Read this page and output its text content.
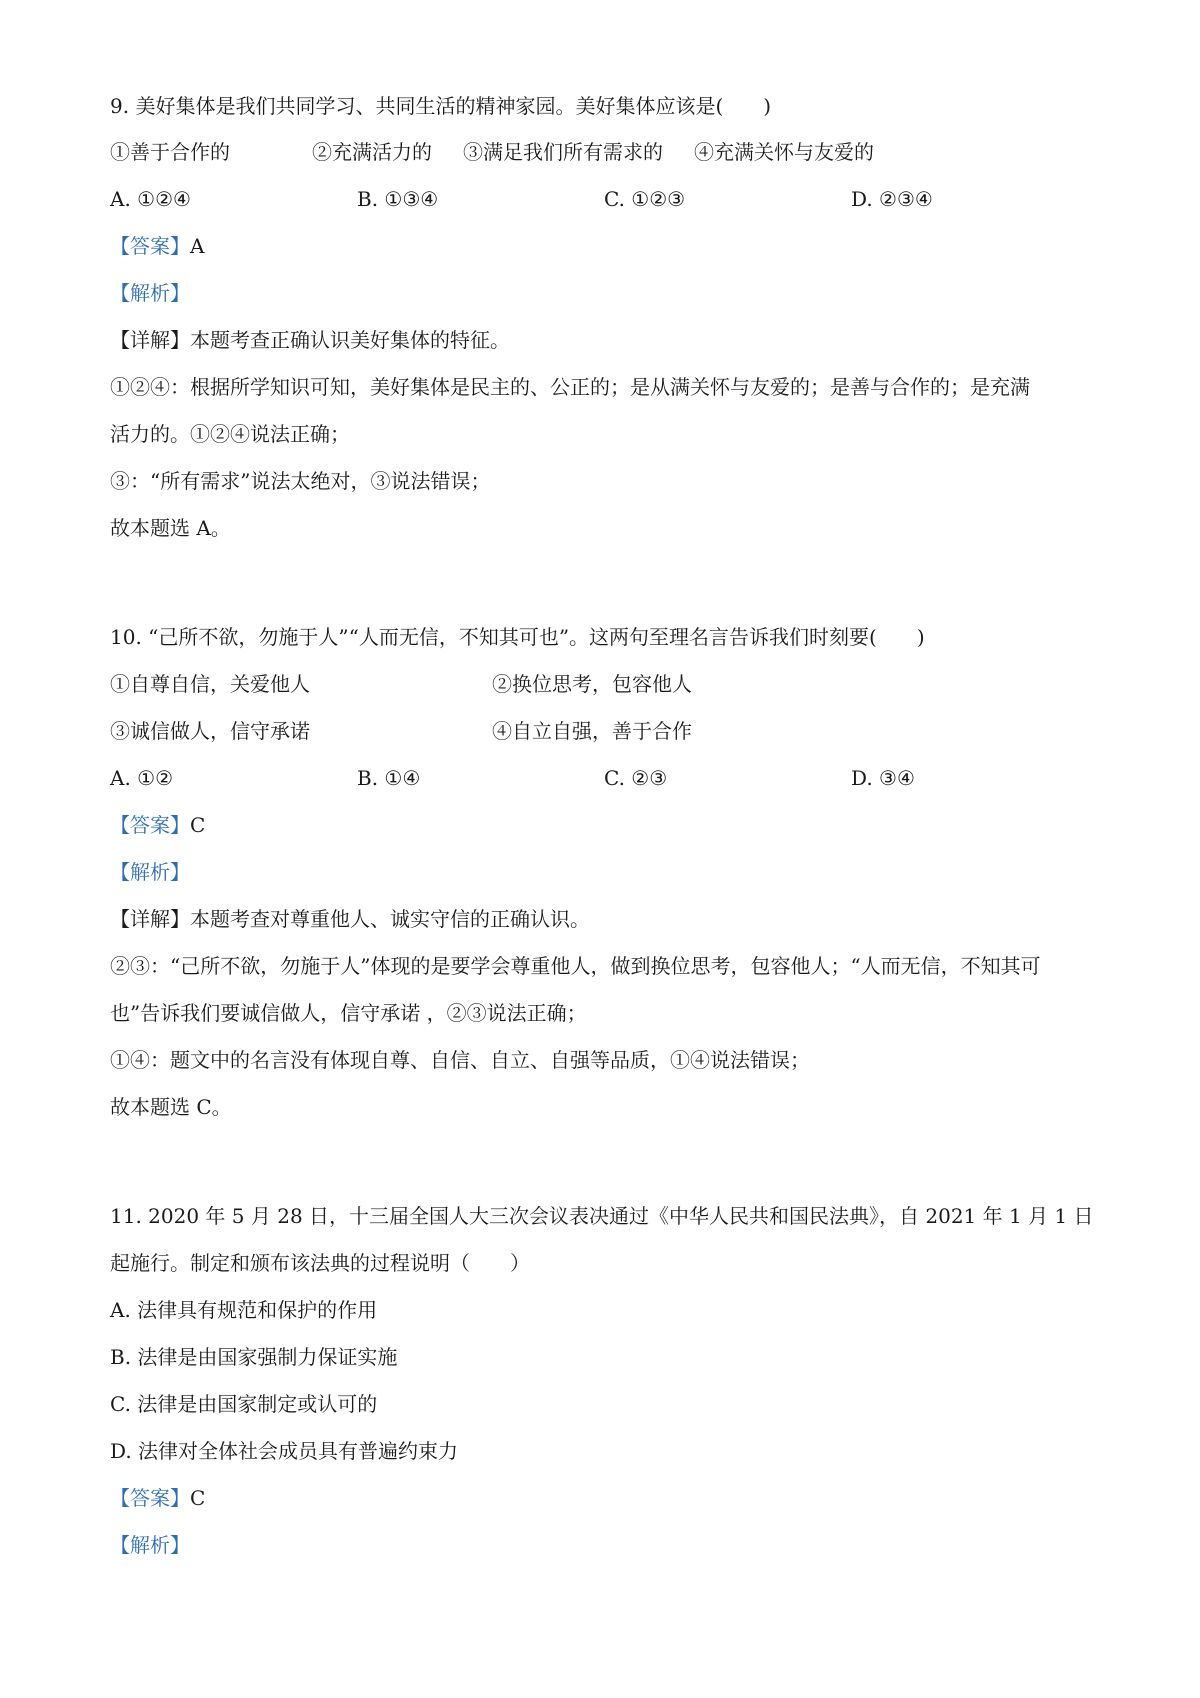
9. 美好集体是我们共同学习、共同生活的精神家园。美好集体应该是(　　)
①善于合作的	②充满活力的 ③满足我们所有需求的 ④充满关怀与友爱的
A. ①②④	B. ①③④	C. ①②③	D. ②③④
【答案】A
【解析】
【详解】本题考查正确认识美好集体的特征。
①②④：根据所学知识可知，美好集体是民主的、公正的；是从满关怀与友爱的；是善与合作的；是充满
活力的。①②④说法正确；
③：“所有需求”说法太绝对，③说法错误；
故本题选 A。
10. “己所不欲，勿施于人”“人而无信，不知其可也”。这两句至理名言告诉我们时刻要(　　)
①自尊自信，关爱他人	②换位思考，包容他人
③诚信做人，信守承诺	④自立自强，善于合作
A. ①②	B. ①④	C. ②③	D. ③④
【答案】C
【解析】
【详解】本题考查对尊重他人、诚实守信的正确认识。
②③：“己所不欲，勿施于人”体现的是要学会尊重他人，做到换位思考，包容他人；“人而无信，不知其可
也”告诉我们要诚信做人，信守承诺 ，②③说法正确；
①④：题文中的名言没有体现自尊、自信、自立、自强等品质，①④说法错误；
故本题选 C。
11. 2020 年 5 月 28 日，十三届全国人大三次会议表决通过《中华人民共和国民法典》，自 2021 年 1 月 1 日
起施行。制定和颁布该法典的过程说明（　　）
A. 法律具有规范和保护的作用
B. 法律是由国家强制力保证实施
C. 法律是由国家制定或认可的
D. 法律对全体社会成员具有普遍约束力
【答案】C
【解析】
